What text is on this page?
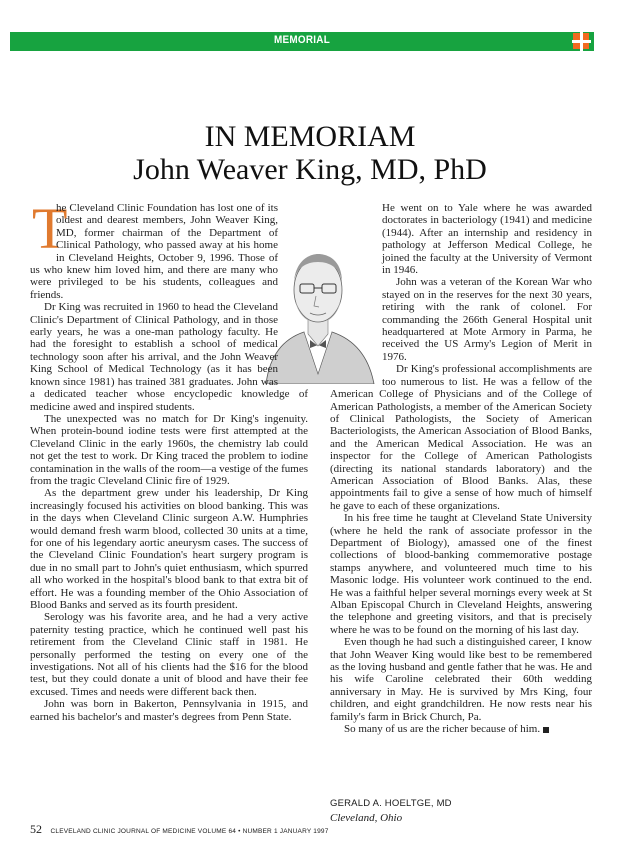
MEMORIAL
IN MEMORIAM
John Weaver King, MD, PhD
T

he Cleveland Clinic Foundation has lost one of its oldest and dearest members, John Weaver King, MD, former chairman of the Department of Clinical Pathology, who passed away at his home in Cleveland Heights, October 9, 1996. Those of us who knew him loved him, and there are many who were privileged to be his students, colleagues and friends.

Dr King was recruited in 1960 to head the Cleveland Clinic's Department of Clinical Pathology, and in those early years, he was a one-man pathology faculty. He had the foresight to establish a school of medical technology soon after his arrival, and the John Weaver King School of Medical Technology (as it has been known since 1981) has trained 381 graduates. John was a dedicated teacher whose encyclopedic knowledge of medicine awed and inspired students.

The unexpected was no match for Dr King's ingenuity. When protein-bound iodine tests were first attempted at the Cleveland Clinic in the early 1960s, the chemistry lab could not get the test to work. Dr King traced the problem to iodine contamination in the walls of the room—a vestige of the fumes from the tragic Cleveland Clinic fire of 1929.

As the department grew under his leadership, Dr King increasingly focused his activities on blood banking. This was in the days when Cleveland Clinic surgeon A.W. Humphries would demand fresh warm blood, collected 30 units at a time, for one of his legendary aortic aneurysm cases. The success of the Cleveland Clinic Foundation's heart surgery program is due in no small part to John's quiet enthusiasm, which spurred all who worked in the hospital's blood bank to that extra bit of effort. He was a founding member of the Ohio Association of Blood Banks and served as its fourth president.

Serology was his favorite area, and he had a very active paternity testing practice, which he continued well past his retirement from the Cleveland Clinic staff in 1981. He personally performed the testing on every one of the investigations. Not all of his clients had the $16 for the blood test, but they could donate a unit of blood and have their fee excused. Times and needs were different back then.

John was born in Bakerton, Pennsylvania in 1915, and earned his bachelor's and master's degrees from Penn State.

He went on to Yale where he was awarded doctorates in bacteriology (1941) and medicine (1944). After an internship and residency in pathology at Jefferson Medical College, he joined the faculty at the University of Vermont in 1946.

John was a veteran of the Korean War who stayed on in the reserves for the next 30 years, retiring with the rank of colonel. For commanding the 266th General Hospital unit headquartered at Mote Armory in Parma, he received the US Army's Legion of Merit in 1976.

Dr King's professional accomplishments are too numerous to list. He was a fellow of the American College of Physicians and of the College of American Pathologists, a member of the American Society of Clinical Pathologists, the Society of American Bacteriologists, the American Association of Blood Banks, and the American Medical Association. He was an inspector for the College of American Pathologists (directing its national standards laboratory) and the American Association of Blood Banks. Alas, these appointments fail to give a sense of how much of himself he gave to each of these organizations.

In his free time he taught at Cleveland State University (where he held the rank of associate professor in the Department of Biology), amassed one of the finest collections of blood-banking commemorative postage stamps anywhere, and volunteered much time to his Masonic lodge. His volunteer work continued to the end. He was a faithful helper several mornings every week at St Alban Episcopal Church in Cleveland Heights, answering the telephone and greeting visitors, and that is precisely where he was to be found on the morning of his last day.

Even though he had such a distinguished career, I know that John Weaver King would like best to be remembered as the loving husband and gentle father that he was. He and his wife Caroline celebrated their 60th wedding anniversary in May. He is survived by Mrs King, four children, and eight grandchildren. He now rests near his family's farm in Brick Church, Pa.

So many of us are the richer because of him.

GERALD A. HOELTGE, MD
Cleveland, Ohio
52 CLEVELAND CLINIC JOURNAL OF MEDICINE VOLUME 64 • NUMBER 1 JANUARY 1997
